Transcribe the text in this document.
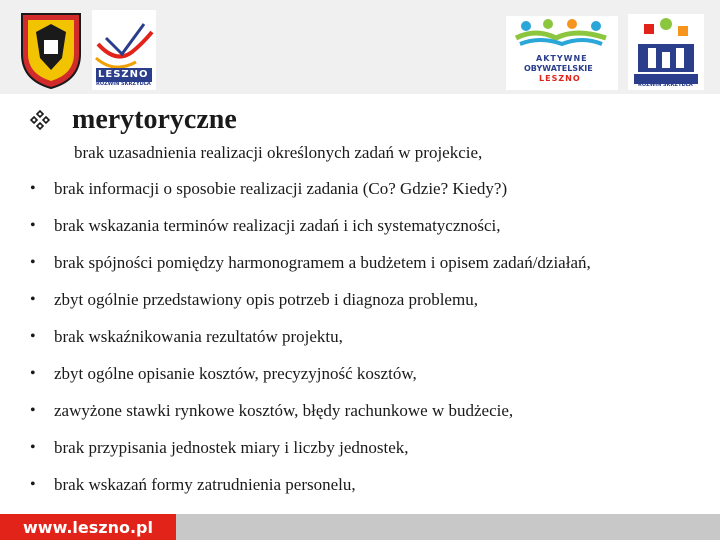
LESZNO
ROZWIN SKRZYDLA
AKTYWNE
OBYWATELSKIE
LESZNO
ROZWIN SKRZYDLA
merytoryczne
brak uzasadnienia realizacji określonych zadań w projekcie,
•	brak informacji o sposobie realizacji zadania (Co? Gdzie? Kiedy?)
•	brak wskazania terminów realizacji zadań i ich systematyczności,
•	brak spójności pomiędzy harmonogramem a budżetem i opisem zadań/działań,
•	zbyt ogólnie przedstawiony opis potrzeb i diagnoza problemu,
•	brak wskaźnikowania rezultatów projektu,
•	zbyt ogólne opisanie kosztów, precyzyjność kosztów,
•	zawyżone stawki rynkowe kosztów, błędy rachunkowe w budżecie,
•	brak przypisania jednostek miary i liczby jednostek,
•	brak wskazań formy zatrudnienia personelu,
www.leszno.pl
